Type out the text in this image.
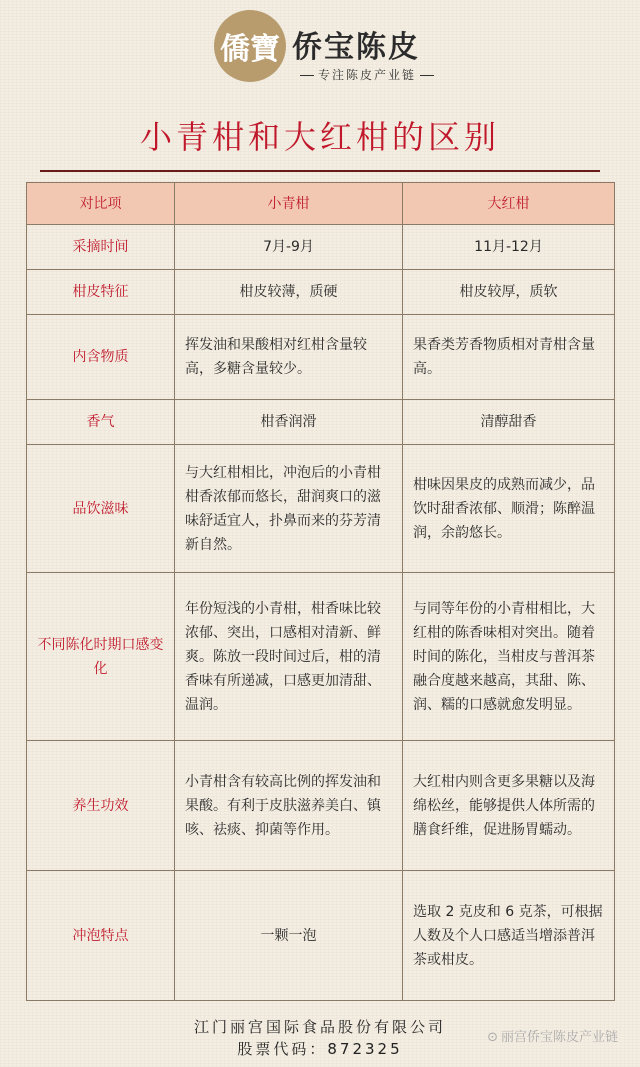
僑寶 侨宝陈皮
专注陈皮产业链
小青柑和大红柑的区别
对比项	小青柑	大红柑
采摘时间	7月-9月	11月-12月
柑皮特征	柑皮较薄，质硬	柑皮较厚，质软
内含物质	挥发油和果酸相对红柑含量较高，多糖含量较少。	果香类芳香物质相对青柑含量高。
香气	柑香润滑	清醇甜香
品饮滋味	与大红柑相比，冲泡后的小青柑柑香浓郁而悠长，甜润爽口的滋味舒适宜人，扑鼻而来的芬芳清新自然。	柑味因果皮的成熟而减少，品饮时甜香浓郁、顺滑；陈醉温润，余韵悠长。
不同陈化时期口感变化	年份短浅的小青柑，柑香味比较浓郁、突出，口感相对清新、鲜爽。陈放一段时间过后，柑的清香味有所递减，口感更加清甜、温润。	与同等年份的小青柑相比，大红柑的陈香味相对突出。随着时间的陈化，当柑皮与普洱茶融合度越来越高，其甜、陈、润、糯的口感就愈发明显。
养生功效	小青柑含有较高比例的挥发油和果酸。有利于皮肤滋养美白、镇咳、祛痰、抑菌等作用。	大红柑内则含更多果糖以及海绵松丝，能够提供人体所需的膳食纤维，促进肠胃蠕动。
冲泡特点	一颗一泡	选取 2 克皮和 6 克茶，可根据人数及个人口感适当增添普洱茶或柑皮。
江门丽宫国际食品股份有限公司
股票代码：872325
⊙ 丽宫侨宝陈皮产业链
